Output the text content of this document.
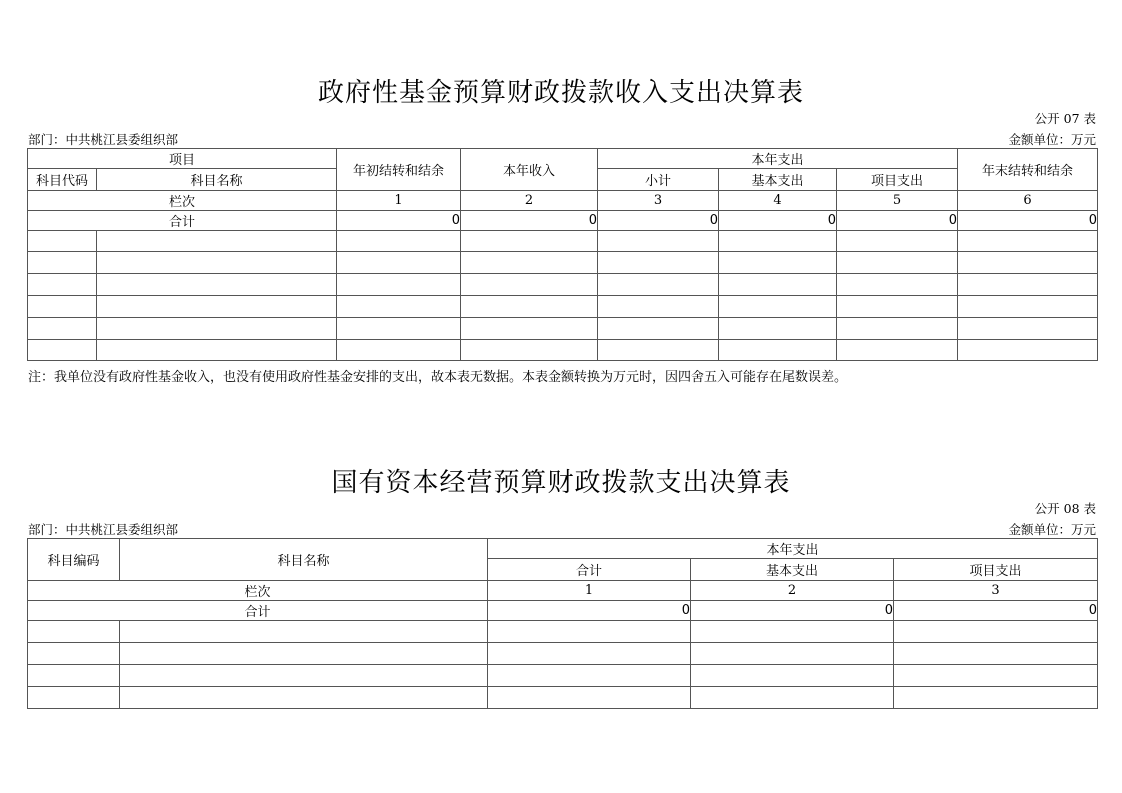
政府性基金预算财政拨款收入支出决算表
公开 07 表
部门：中共桃江县委组织部	金额单位：万元
项目		年初结转和结余	本年收入	本年支出			年末结转和结余
科目代码	科目名称			小计	基本支出	项目支出	
栏次		1	2	3	4	5	6
合计		0	0	0	0	0	0

注：我单位没有政府性基金收入，也没有使用政府性基金安排的支出，故本表无数据。本表金额转换为万元时，因四舍五入可能存在尾数误差。
国有资本经营预算财政拨款支出决算表
公开 08 表
部门：中共桃江县委组织部	金额单位：万元
科目编码	科目名称	本年支出		
		合计	基本支出	项目支出
栏次		1	2	3
合计		0	0	0
